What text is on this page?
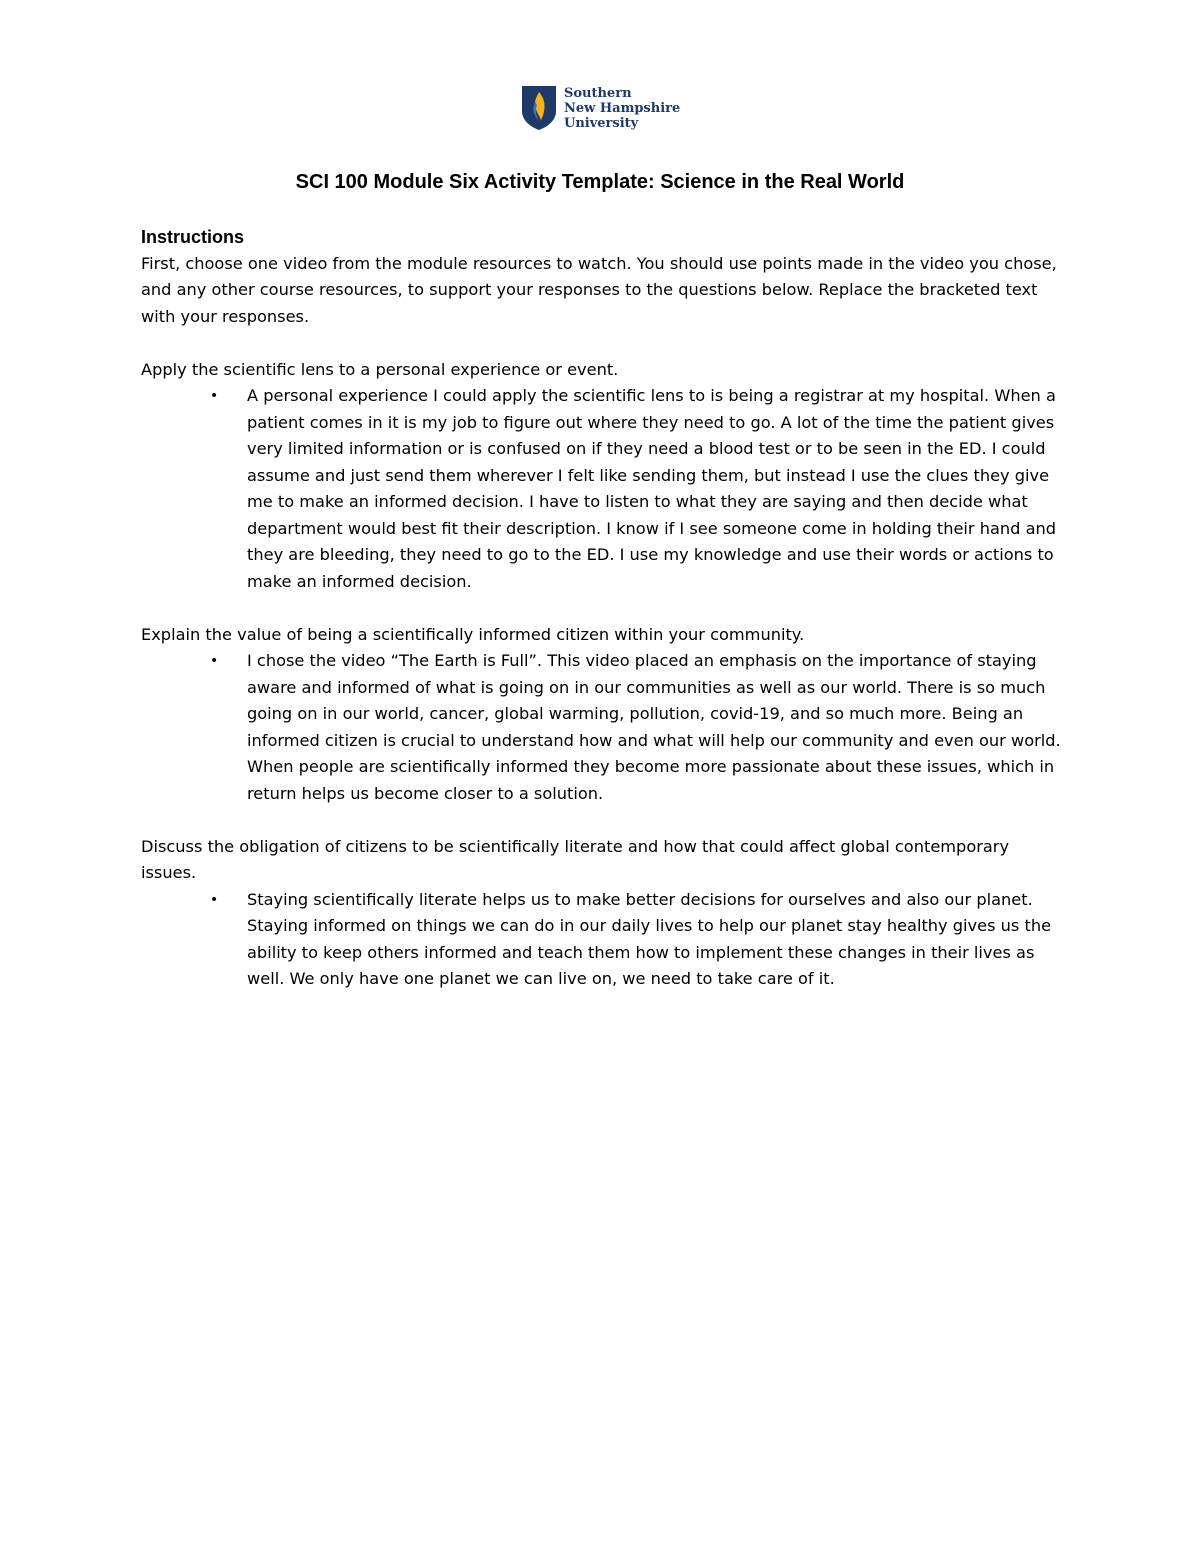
Southern
New Hampshire
University
SCI 100 Module Six Activity Template: Science in the Real World

Instructions

First, choose one video from the module resources to watch. You should use points made in the video you chose, and any other course resources, to support your responses to the questions below. Replace the bracketed text with your responses.

Apply the scientific lens to a personal experience or event.

• A personal experience I could apply the scientific lens to is being a registrar at my hospital. When a patient comes in it is my job to figure out where they need to go. A lot of the time the patient gives very limited information or is confused on if they need a blood test or to be seen in the ED. I could assume and just send them wherever I felt like sending them, but instead I use the clues they give me to make an informed decision. I have to listen to what they are saying and then decide what department would best fit their description. I know if I see someone come in holding their hand and they are bleeding, they need to go to the ED. I use my knowledge and use their words or actions to make an informed decision.

Explain the value of being a scientifically informed citizen within your community.

• I chose the video “The Earth is Full”. This video placed an emphasis on the importance of staying aware and informed of what is going on in our communities as well as our world. There is so much going on in our world, cancer, global warming, pollution, covid-19, and so much more. Being an informed citizen is crucial to understand how and what will help our community and even our world. When people are scientifically informed they become more passionate about these issues, which in return helps us become closer to a solution.

Discuss the obligation of citizens to be scientifically literate and how that could affect global contemporary issues.

• Staying scientifically literate helps us to make better decisions for ourselves and also our planet. Staying informed on things we can do in our daily lives to help our planet stay healthy gives us the ability to keep others informed and teach them how to implement these changes in their lives as well. We only have one planet we can live on, we need to take care of it.
